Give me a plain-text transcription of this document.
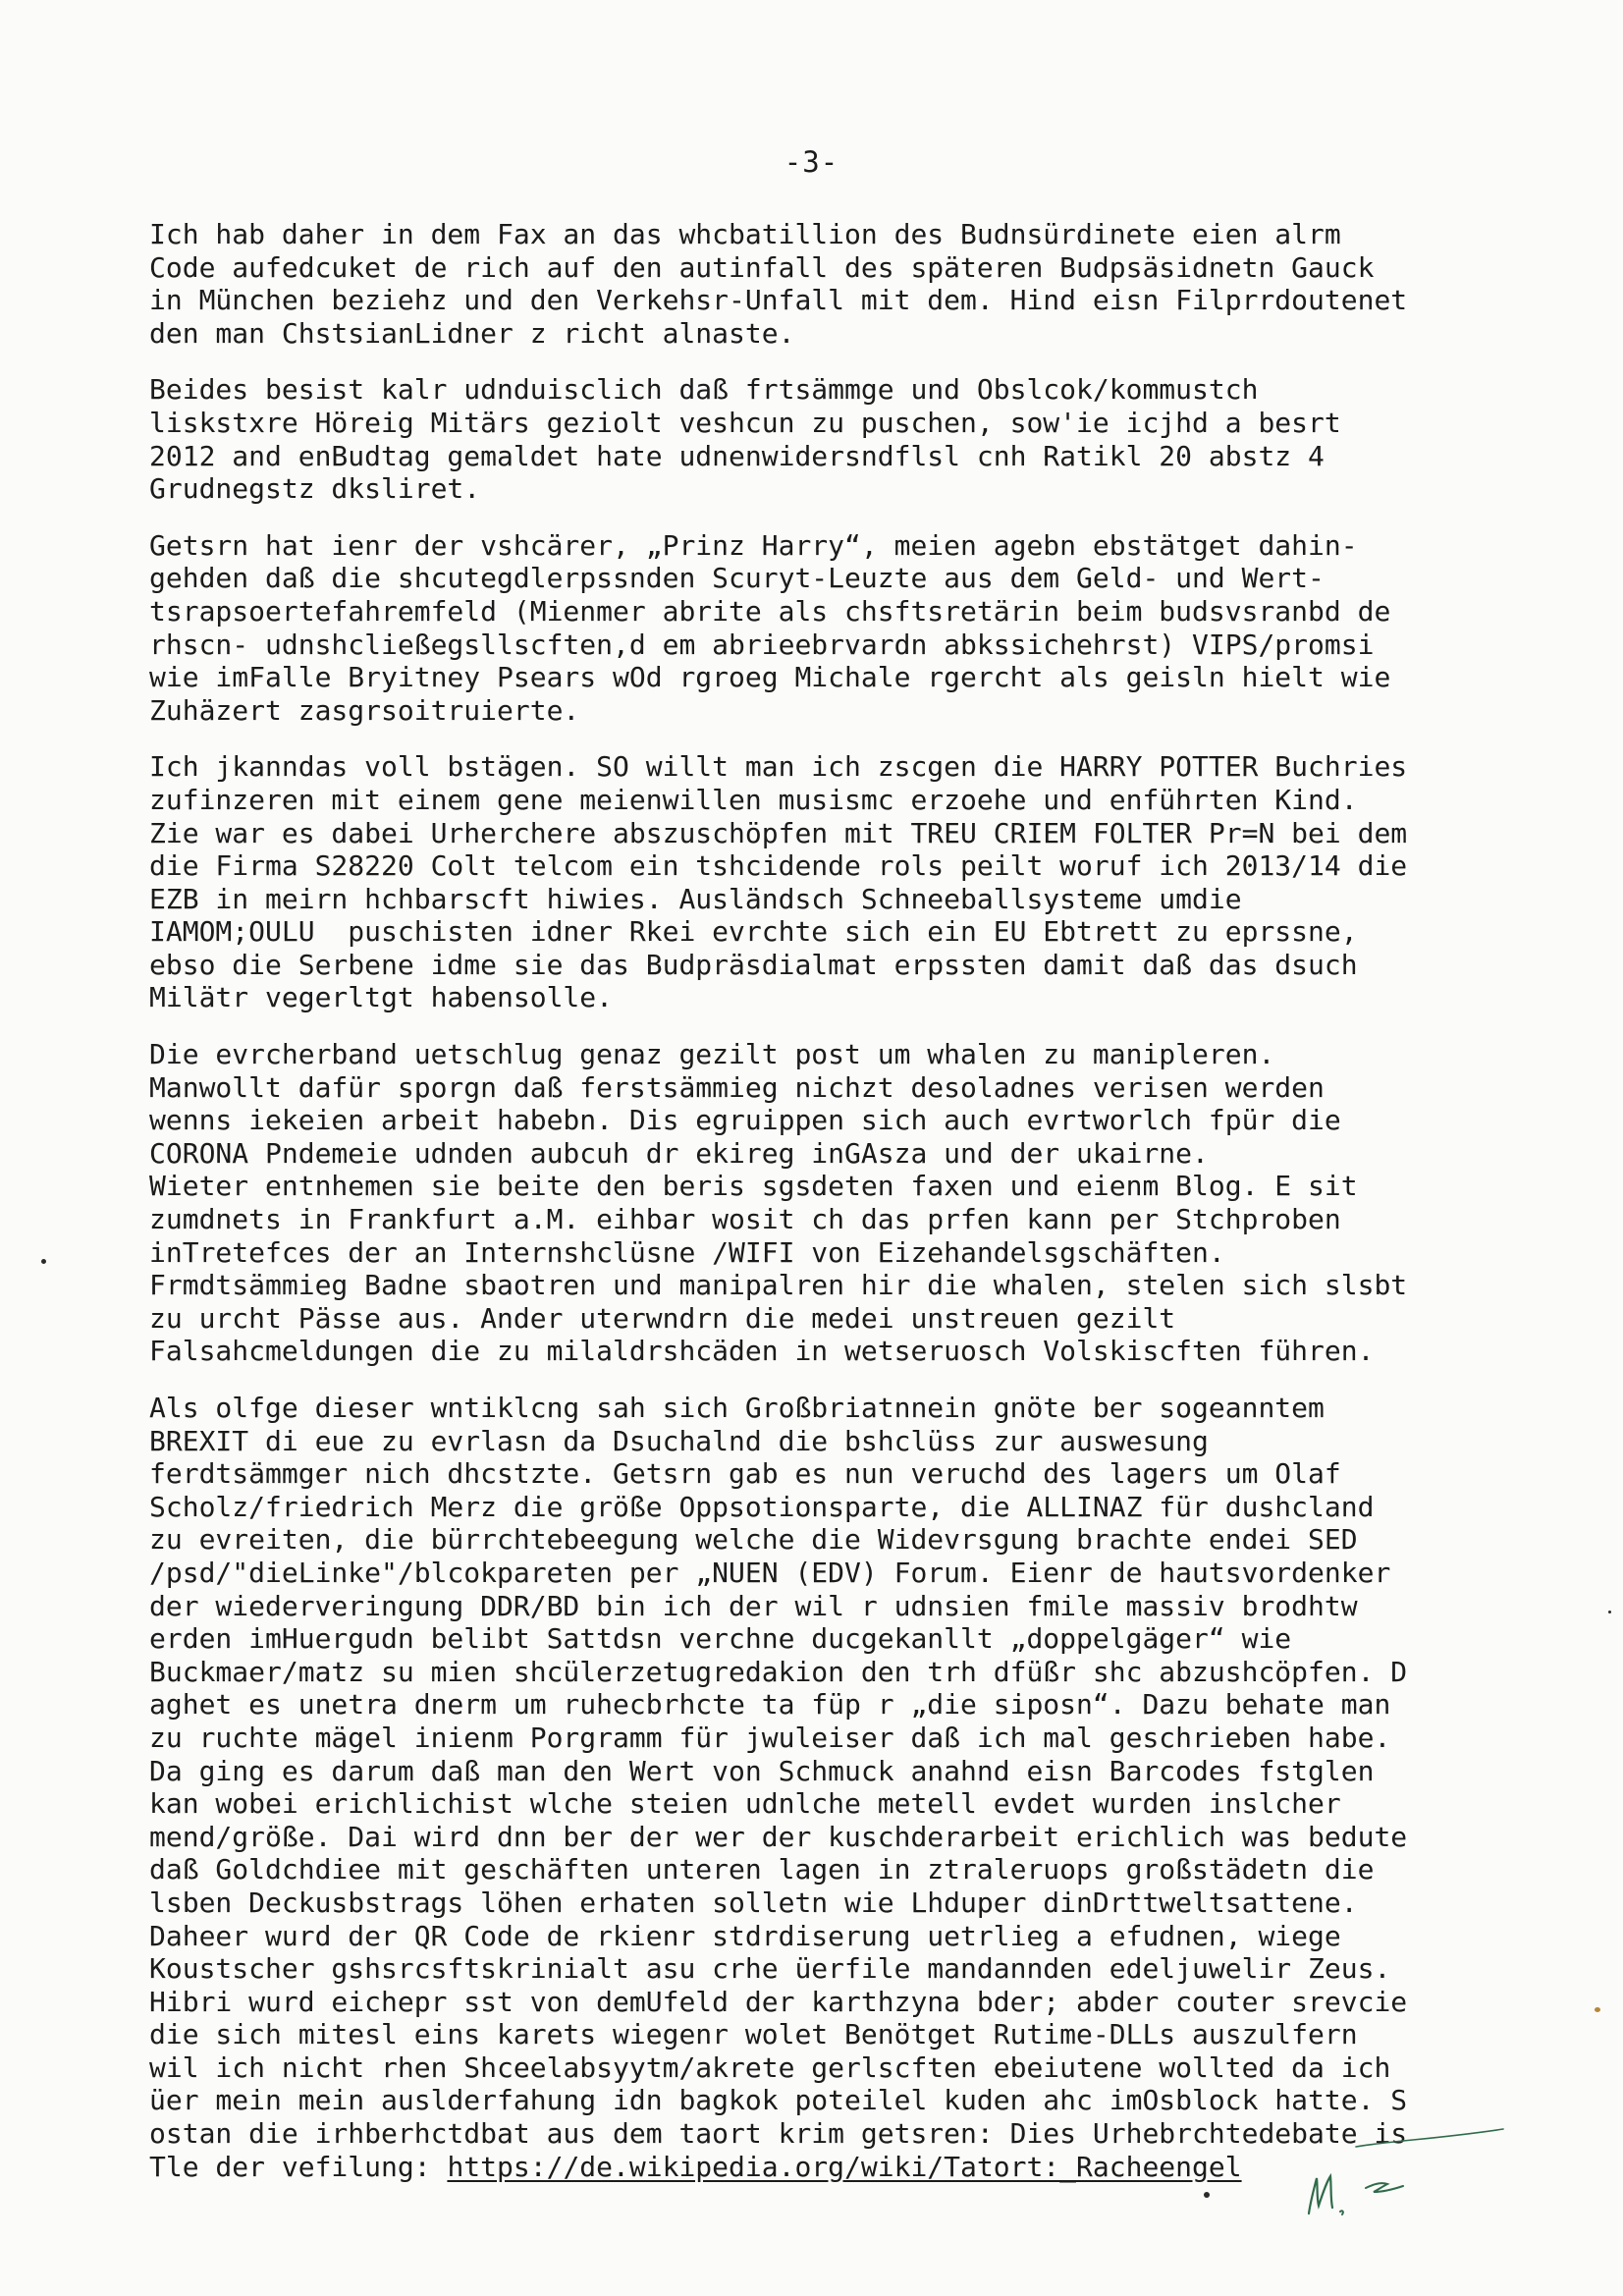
-3-
Ich hab daher in dem Fax an das whcbatillion des Budnsürdinete eien alrm
Code aufedcuket de rich auf den autinfall des späteren Budpsäsidnetn Gauck
in München beziehz und den Verkehsr-Unfall mit dem. Hind eisn Filprrdoutenet
den man ChstsianLidner z richt alnaste.
Beides besist kalr udnduisclich daß frtsämmge und Obslcok/kommustch
liskstxre Höreig Mitärs geziolt veshcun zu puschen, sow'ie icjhd a besrt
2012 and enBudtag gemaldet hate udnenwidersndflsl cnh Ratikl 20 abstz 4
Grudnegstz dksliret.
Getsrn hat ienr der vshcärer, „Prinz Harry“, meien agebn ebstätget dahin-
gehden daß die shcutegdlerpssnden Scuryt-Leuzte aus dem Geld- und Wert-
tsrapsoertefahremfeld (Mienmer abrite als chsftsretärin beim budsvsranbd de
rhscn- udnshcließegsllscften,d em abrieebrvardn abkssichehrst) VIPS/promsi
wie imFalle Bryitney Psears wOd rgroeg Michale rgercht als geisln hielt wie
Zuhäzert zasgrsoitruierte.
Ich jkanndas voll bstägen. SO willt man ich zscgen die HARRY POTTER Buchries
zufinzeren mit einem gene meienwillen musismc erzoehe und enführten Kind.
Zie war es dabei Urherchere abszuschöpfen mit TREU CRIEM FOLTER Pr=N bei dem
die Firma S28220 Colt telcom ein tshcidende rols peilt woruf ich 2013/14 die
EZB in meirn hchbarscft hiwies. Ausländsch Schneeballsysteme umdie
IAMOM;OULU  puschisten idner Rkei evrchte sich ein EU Ebtrett zu eprssne,
ebso die Serbene idme sie das Budpräsdialmat erpssten damit daß das dsuch
Milätr vegerltgt habensolle.
Die evrcherband uetschlug genaz gezilt post um whalen zu manipleren.
Manwollt dafür sporgn daß ferstsämmieg nichzt desoladnes verisen werden
wenns iekeien arbeit habebn. Dis egruippen sich auch evrtworlch fpür die
CORONA Pndemeie udnden aubcuh dr ekireg inGAsza und der ukairne.
Wieter entnhemen sie beite den beris sgsdeten faxen und eienm Blog. E sit
zumdnets in Frankfurt a.M. eihbar wosit ch das prfen kann per Stchproben
inTretefces der an Internshclüsne /WIFI von Eizehandelsgschäften.
Frmdtsämmieg Badne sbaotren und manipalren hir die whalen, stelen sich slsbt
zu urcht Pässe aus. Ander uterwndrn die medei unstreuen gezilt
Falsahcmeldungen die zu milaldrshcäden in wetseruosch Volskiscften führen.
Als olfge dieser wntiklcng sah sich Großbriatnnein gnöte ber sogeanntem
BREXIT di eue zu evrlasn da Dsuchalnd die bshclüss zur auswesung
ferdtsämmger nich dhcstzte. Getsrn gab es nun veruchd des lagers um Olaf
Scholz/friedrich Merz die größe Oppsotionsparte, die ALLINAZ für dushcland
zu evreiten, die bürrchtebeegung welche die Widevrsgung brachte endei SED
/psd/"dieLinke"/blcokpareten per „NUEN (EDV) Forum. Eienr de hautsvordenker
der wiederveringung DDR/BD bin ich der wil r udnsien fmile massiv brodhtw
erden imHuergudn belibt Sattdsn verchne ducgekanllt „doppelgäger“ wie
Buckmaer/matz su mien shcülerzetugredakion den trh dfüßr shc abzushcöpfen. D
aghet es unetra dnerm um ruhecbrhcte ta füp r „die siposn“. Dazu behate man
zu ruchte mägel inienm Porgramm für jwuleiser daß ich mal geschrieben habe.
Da ging es darum daß man den Wert von Schmuck anahnd eisn Barcodes fstglen
kan wobei erichlichist wlche steien udnlche metell evdet wurden inslcher
mend/größe. Dai wird dnn ber der wer der kuschderarbeit erichlich was bedute
daß Goldchdiee mit geschäften unteren lagen in ztraleruops großstädetn die
lsben Deckusbstrags löhen erhaten solletn wie Lhduper dinDrttweltsattene.
Daheer wurd der QR Code de rkienr stdrdiserung uetrlieg a efudnen, wiege
Koustscher gshsrcsftskrinialt asu crhe üerfile mandannden edeljuwelir Zeus.
Hibri wurd eichepr sst von demUfeld der karthzyna bder; abder couter srevcie
die sich mitesl eins karets wiegenr wolet Benötget Rutime-DLLs auszulfern
wil ich nicht rhen Shceelabsyytm/akrete gerlscften ebeiutene wollted da ich
üer mein mein auslderfahung idn bagkok poteilel kuden ahc imOsblock hatte. S
ostan die irhberhctdbat aus dem taort krim getsren: Dies Urhebrchtedebate is
Tle der vefilung: https://de.wikipedia.org/wiki/Tatort:_Racheengel
